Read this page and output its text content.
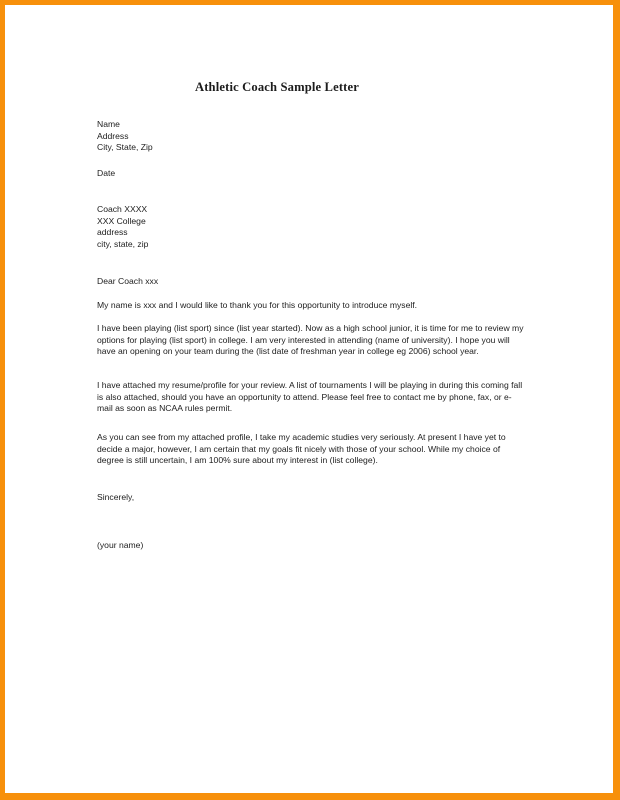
Athletic Coach Sample Letter
Name
Address
City, State, Zip
Date
Coach XXXX
XXX College
address
city, state, zip
Dear Coach xxx
My name is xxx and I would like to thank you for this opportunity to introduce myself.
I have been playing (list sport) since (list year started). Now as a high school junior, it is time for me to review my options for playing (list sport) in college. I am very interested in attending (name of university). I hope you will have an opening on your team during the (list date of freshman year in college eg 2006) school year.
I have attached my resume/profile for your review. A list of tournaments I will be playing in during this coming fall is also attached, should you have an opportunity to attend. Please feel free to contact me by phone, fax, or e-mail as soon as NCAA rules permit.
As you can see from my attached profile, I take my academic studies very seriously. At present I have yet to decide a major, however, I am certain that my goals fit nicely with those of your school. While my choice of degree is still uncertain, I am 100% sure about my interest in (list college).
Sincerely,
(your name)
